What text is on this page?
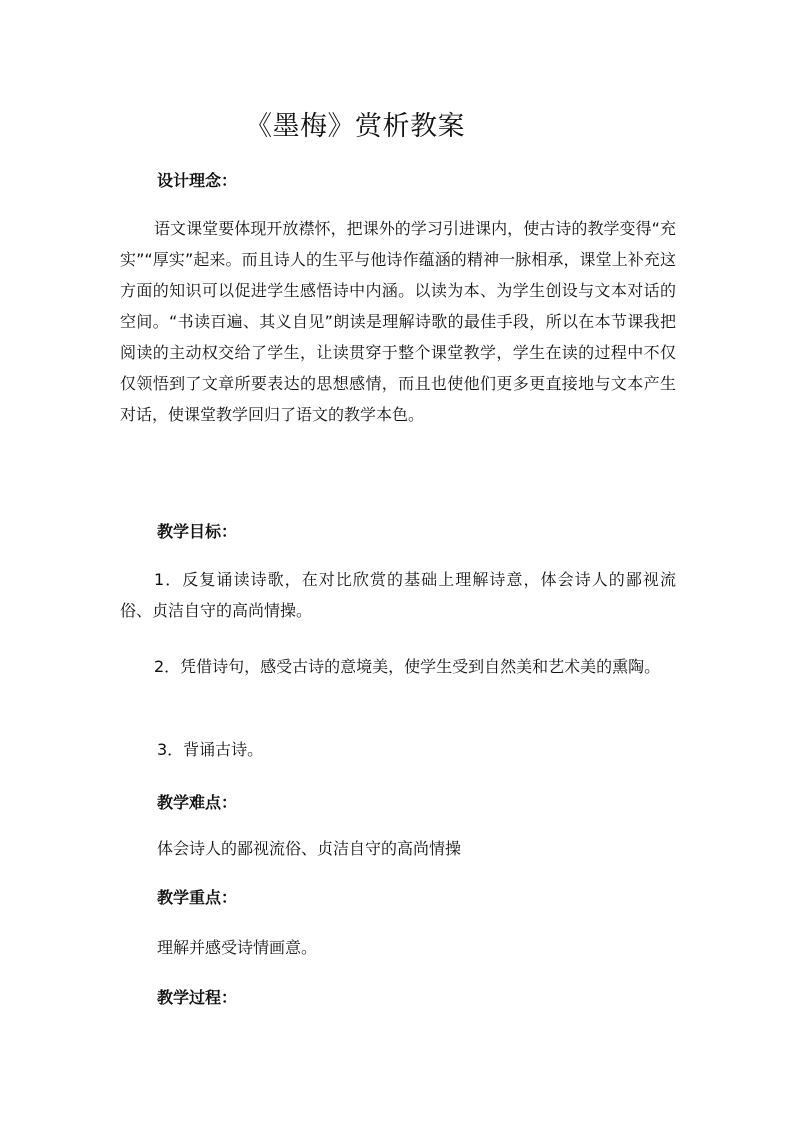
《墨梅》赏析教案
设计理念：
语文课堂要体现开放襟怀，把课外的学习引进课内，使古诗的教学变得“充实”“厚实”起来。而且诗人的生平与他诗作蕴涵的精神一脉相承，课堂上补充这方面的知识可以促进学生感悟诗中内涵。以读为本、为学生创设与文本对话的空间。“书读百遍、其义自见”朗读是理解诗歌的最佳手段，所以在本节课我把阅读的主动权交给了学生，让读贯穿于整个课堂教学，学生在读的过程中不仅仅领悟到了文章所要表达的思想感情，而且也使他们更多更直接地与文本产生对话，使课堂教学回归了语文的教学本色。
教学目标：
1．反复诵读诗歌，在对比欣赏的基础上理解诗意，体会诗人的鄙视流俗、贞洁自守的高尚情操。
2．凭借诗句，感受古诗的意境美，使学生受到自然美和艺术美的熏陶。
3．背诵古诗。
教学难点：
体会诗人的鄙视流俗、贞洁自守的高尚情操
教学重点：
理解并感受诗情画意。
教学过程：
